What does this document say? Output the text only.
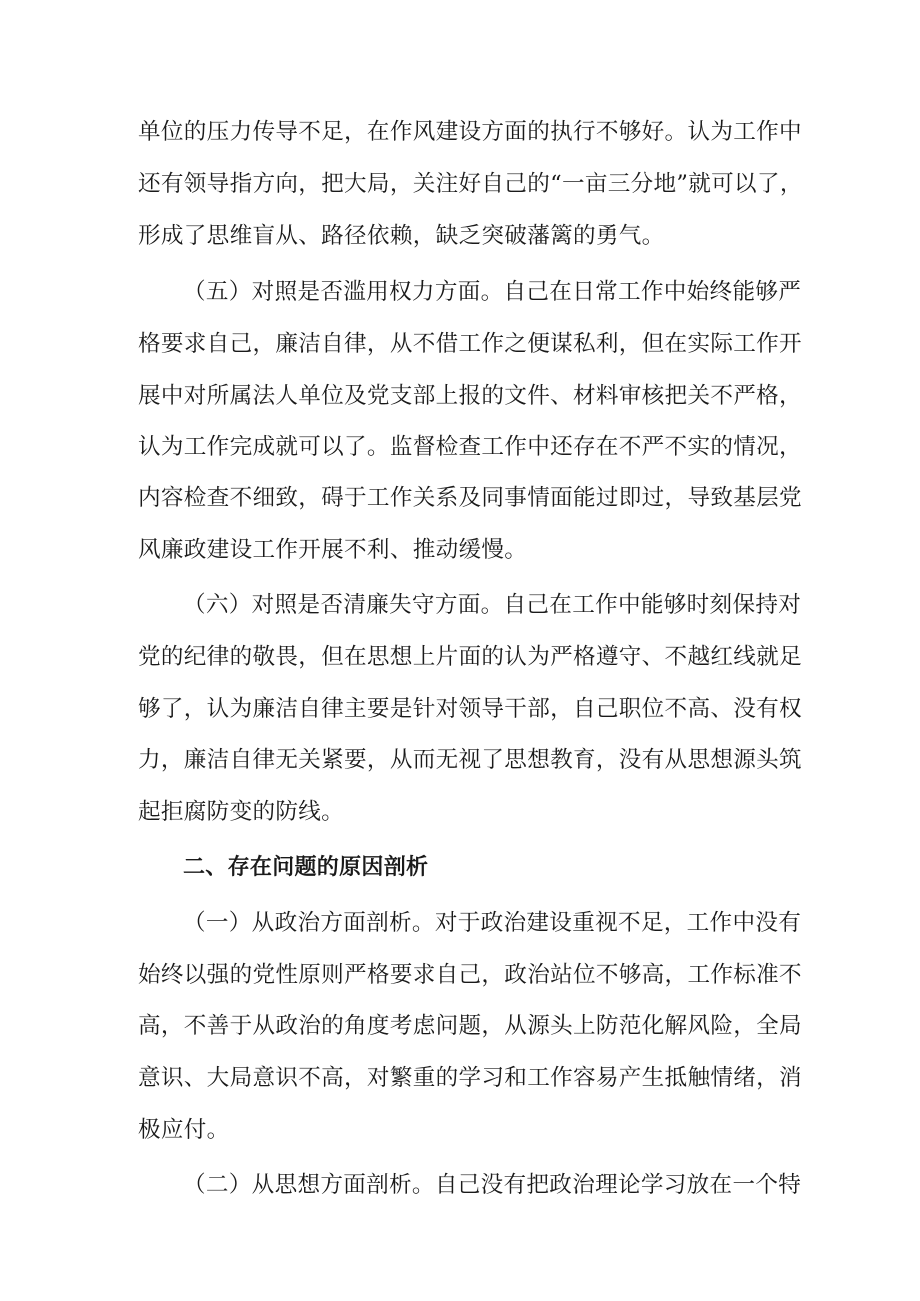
单位的压力传导不足，在作风建设方面的执行不够好。认为工作中
还有领导指方向，把大局，关注好自己的“一亩三分地”就可以了，
形成了思维盲从、路径依赖，缺乏突破藩篱的勇气。
（五）对照是否滥用权力方面。自己在日常工作中始终能够严
格要求自己，廉洁自律，从不借工作之便谋私利，但在实际工作开
展中对所属法人单位及党支部上报的文件、材料审核把关不严格，
认为工作完成就可以了。监督检查工作中还存在不严不实的情况，
内容检查不细致，碍于工作关系及同事情面能过即过，导致基层党
风廉政建设工作开展不利、推动缓慢。
（六）对照是否清廉失守方面。自己在工作中能够时刻保持对
党的纪律的敬畏，但在思想上片面的认为严格遵守、不越红线就足
够了，认为廉洁自律主要是针对领导干部，自己职位不高、没有权
力，廉洁自律无关紧要，从而无视了思想教育，没有从思想源头筑
起拒腐防变的防线。
二、存在问题的原因剖析
（一）从政治方面剖析。对于政治建设重视不足，工作中没有
始终以强的党性原则严格要求自己，政治站位不够高，工作标准不
高，不善于从政治的角度考虑问题，从源头上防范化解风险，全局
意识、大局意识不高，对繁重的学习和工作容易产生抵触情绪，消
极应付。
（二）从思想方面剖析。自己没有把政治理论学习放在一个特
